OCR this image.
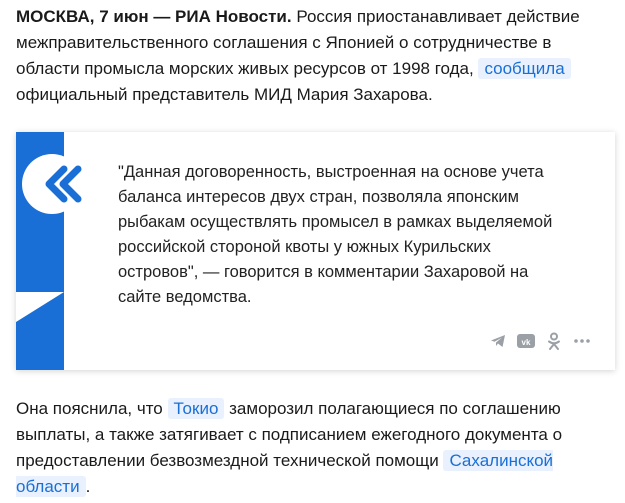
МОСКВА, 7 июн — РИА Новости. Россия приостанавливает действие межправительственного соглашения с Японией о сотрудничестве в области промысла морских живых ресурсов от 1998 года, сообщила официальный представитель МИД Мария Захарова.

"Данная договоренность, выстроенная на основе учета баланса интересов двух стран, позволяла японским рыбакам осуществлять промысел в рамках выделяемой российской стороной квоты у южных Курильских островов", — говорится в комментарии Захаровой на сайте ведомства.

vk

Она пояснила, что Токио заморозил полагающиеся по соглашению выплаты, а также затягивает с подписанием ежегодного документа о предоставлении безвозмездной технической помощи Сахалинской области .
